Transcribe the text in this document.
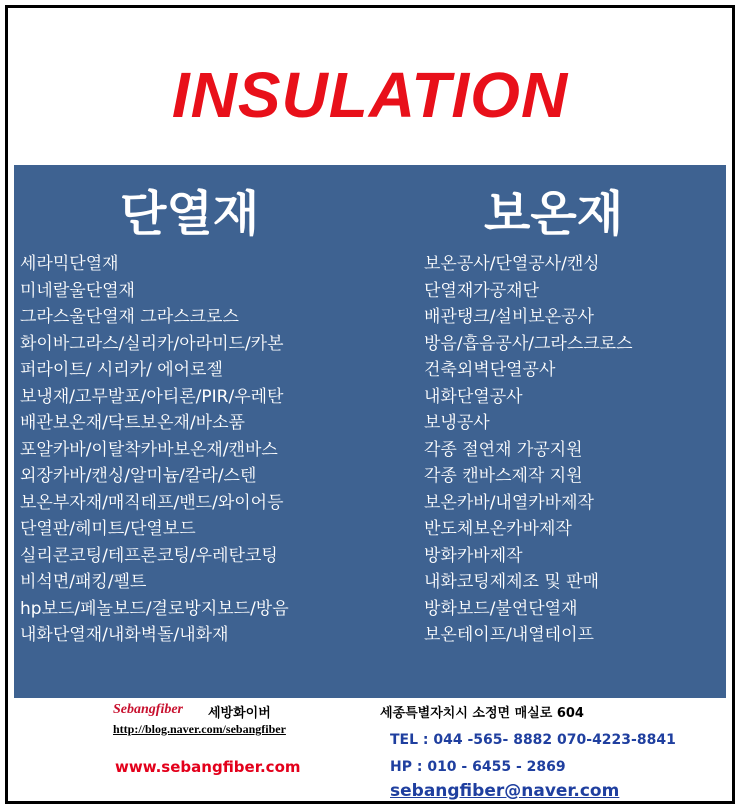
INSULATION
단열재	보온재
세라믹단열재
미네랄울단열재
그라스울단열재 그라스크로스
화이바그라스/실리카/아라미드/카본
퍼라이트/ 시리카/ 에어로젤
보냉재/고무발포/아티론/PIR/우레탄
배관보온재/닥트보온재/바소품
포알카바/이탈착카바보온재/캔바스
외장카바/캔싱/알미늄/칼라/스텐
보온부자재/매직테프/밴드/와이어등
단열판/헤미트/단열보드
실리콘코팅/테프론코팅/우레탄코팅
비석면/패킹/펠트
hp보드/페놀보드/결로방지보드/방음
내화단열재/내화벽돌/내화재
보온공사/단열공사/캔싱
단열재가공재단
배관탱크/설비보온공사
방음/흡음공사/그라스크로스
건축외벽단열공사
내화단열공사
보냉공사
각종 절연재 가공지원
각종 캔바스제작 지원
보온카바/내열카바제작
반도체보온카바제작
방화카바제작
내화코팅제제조 및 판매
방화보드/불연단열재
보온테이프/내열테이프
Sebangfiber 세방화이버
http://blog.naver.com/sebangfiber
www.sebangfiber.com
세종특별자치시 소정면 매실로 604
TEL : 044 -565- 8882 070-4223-8841
HP : 010 - 6455 - 2869
sebangfiber@naver.com
